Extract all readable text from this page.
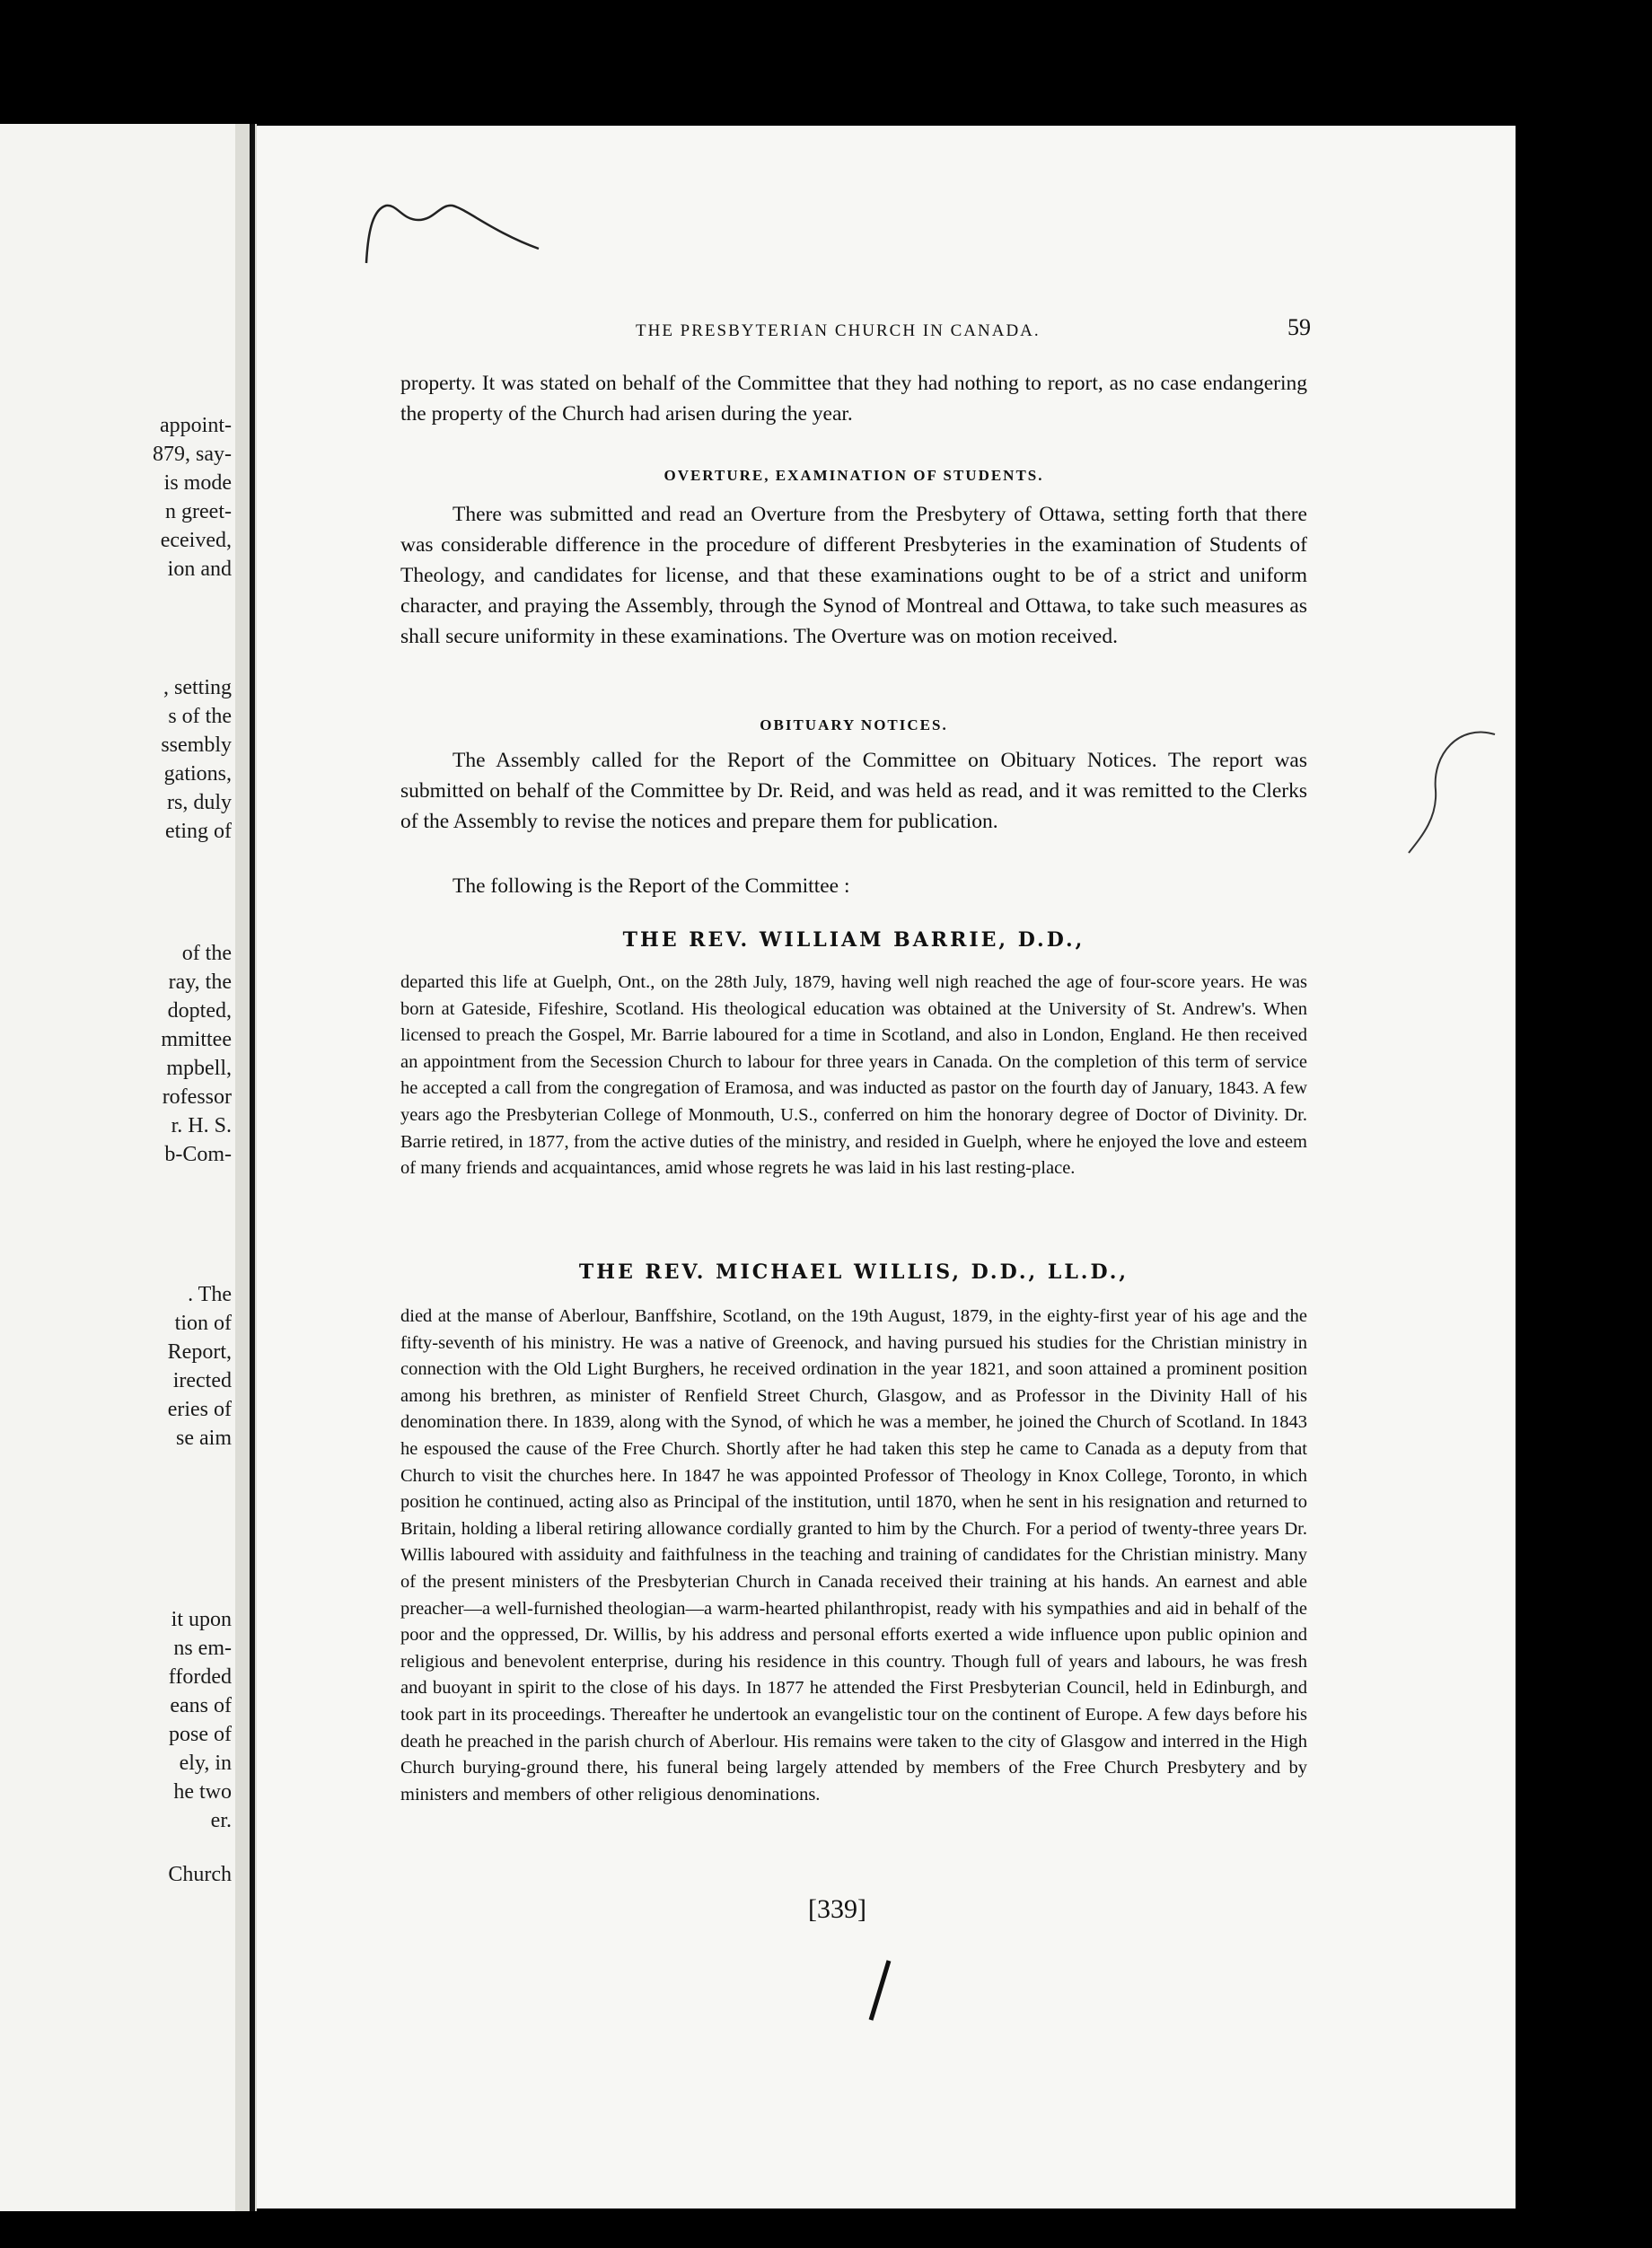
appoint-
879, say-
is mode
n greet-
eceived,
ion and
, setting
s of the
ssembly
gations,
rs, duly
eting of
of the
ray, the
dopted,
mmittee
mpbell,
rofessor
r. H. S.
b-Com-
. The
tion of
Report,
irected
eries of
se aim
it upon
ns em-
fforded
eans of
pose of
ely, in
he two
er.
Church
THE PRESBYTERIAN CHURCH IN CANADA.	59
property. It was stated on behalf of the Committee that they had nothing to report, as no case endangering the property of the Church had arisen during the year.
OVERTURE, EXAMINATION OF STUDENTS.
There was submitted and read an Overture from the Presbytery of Ottawa, setting forth that there was considerable difference in the procedure of different Presbyteries in the examination of Students of Theology, and candidates for license, and that these examinations ought to be of a strict and uniform character, and praying the Assembly, through the Synod of Montreal and Ottawa, to take such measures as shall secure uniformity in these examinations. The Overture was on motion received.
OBITUARY NOTICES.
The Assembly called for the Report of the Committee on Obituary Notices. The report was submitted on behalf of the Committee by Dr. Reid, and was held as read, and it was remitted to the Clerks of the Assembly to revise the notices and prepare them for publication.
The following is the Report of the Committee :
THE REV. WILLIAM BARRIE, D.D.,
departed this life at Guelph, Ont., on the 28th July, 1879, having well nigh reached the age of four-score years. He was born at Gateside, Fifeshire, Scotland. His theological education was obtained at the University of St. Andrew's. When licensed to preach the Gospel, Mr. Barrie laboured for a time in Scotland, and also in London, England. He then received an appointment from the Secession Church to labour for three years in Canada. On the completion of this term of service he accepted a call from the congregation of Eramosa, and was inducted as pastor on the fourth day of January, 1843. A few years ago the Presbyterian College of Monmouth, U.S., conferred on him the honorary degree of Doctor of Divinity. Dr. Barrie retired, in 1877, from the active duties of the ministry, and resided in Guelph, where he enjoyed the love and esteem of many friends and acquaintances, amid whose regrets he was laid in his last resting-place.
THE REV. MICHAEL WILLIS, D.D., LL.D.,
died at the manse of Aberlour, Banffshire, Scotland, on the 19th August, 1879, in the eighty-first year of his age and the fifty-seventh of his ministry. He was a native of Greenock, and having pursued his studies for the Christian ministry in connection with the Old Light Burghers, he received ordination in the year 1821, and soon attained a prominent position among his brethren, as minister of Renfield Street Church, Glasgow, and as Professor in the Divinity Hall of his denomination there. In 1839, along with the Synod, of which he was a member, he joined the Church of Scotland. In 1843 he espoused the cause of the Free Church. Shortly after he had taken this step he came to Canada as a deputy from that Church to visit the churches here. In 1847 he was appointed Professor of Theology in Knox College, Toronto, in which position he continued, acting also as Principal of the institution, until 1870, when he sent in his resignation and returned to Britain, holding a liberal retiring allowance cordially granted to him by the Church. For a period of twenty-three years Dr. Willis laboured with assiduity and faithfulness in the teaching and training of candidates for the Christian ministry. Many of the present ministers of the Presbyterian Church in Canada received their training at his hands. An earnest and able preacher—a well-furnished theologian—a warm-hearted philanthropist, ready with his sympathies and aid in behalf of the poor and the oppressed, Dr. Willis, by his address and personal efforts exerted a wide influence upon public opinion and religious and benevolent enterprise, during his residence in this country. Though full of years and labours, he was fresh and buoyant in spirit to the close of his days. In 1877 he attended the First Presbyterian Council, held in Edinburgh, and took part in its proceedings. Thereafter he undertook an evangelistic tour on the continent of Europe. A few days before his death he preached in the parish church of Aberlour. His remains were taken to the city of Glasgow and interred in the High Church burying-ground there, his funeral being largely attended by members of the Free Church Presbytery and by ministers and members of other religious denominations.
[339]
